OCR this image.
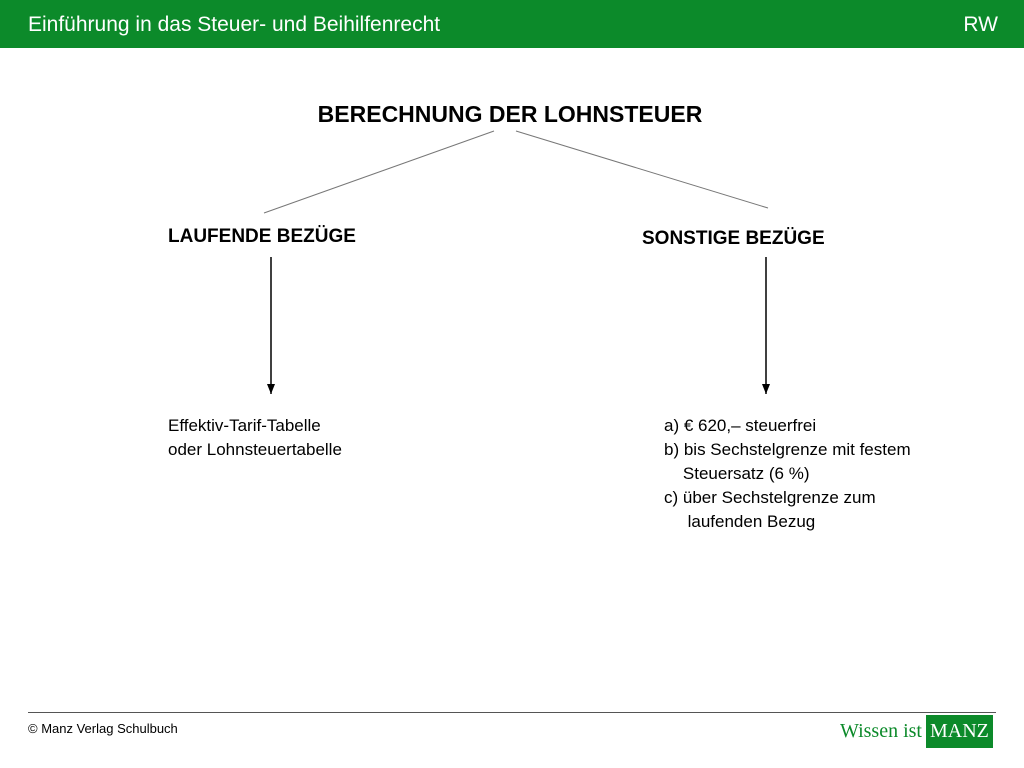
Einführung in das Steuer- und Beihilfenrecht	RW
BERECHNUNG DER LOHNSTEUER
LAUFENDE BEZÜGE	SONSTIGE BEZÜGE
Effektiv-Tarif-Tabelle
oder Lohnsteuertabelle
a) € 620,– steuerfrei
b) bis Sechstelgrenze mit festem
Steuersatz (6 %)
c) über Sechstelgrenze zum
laufenden Bezug
© Manz Verlag Schulbuch	Wissen ist MANZ
